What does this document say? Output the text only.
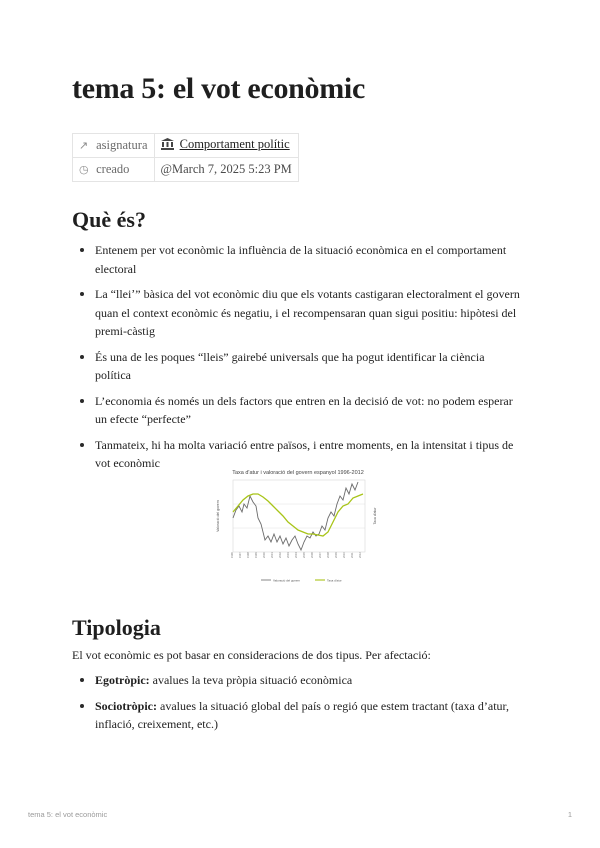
tema 5: el vot econòmic
↗ asignatura	Comportament polític
◷ creado	@March 7, 2025 5:23 PM
Què és?
Entenem per vot econòmic la influència de la situació econòmica en el comportament electoral
La “lleiʼ” bàsica del vot econòmic diu que els votants castigaran electoralment el govern quan el context econòmic és negatiu, i el recompensaran quan sigui positiu: hipòtesi del premi-càstig
És una de les poques “lleis” gairebé universals que ha pogut identificar la ciència política
L’economia és només un dels factors que entren en la decisió de vot: no podem esperar un efecte “perfecte”
Tanmateix, hi ha molta variació entre països, i entre moments, en la intensitat i tipus de vot econòmic
Taxa d'atur i valoració del govern espanyol 1996-2012
Valoració del govern	Taxa d'atur
1996	1997	1998	1999	2000	2001	2002	2003	2004	2005	2006	2007	2008	2009	2010	2011	2012
Valoració del govern	Taxa d'atur
Tipologia

El vot econòmic es pot basar en consideracions de dos tipus. Per afectació:

Egotròpic: avalues la teva pròpia situació econòmica
Sociotròpic: avalues la situació global del país o regió que estem tractant (taxa d’atur, inflació, creixement, etc.)
tema 5: el vot econòmic	1
